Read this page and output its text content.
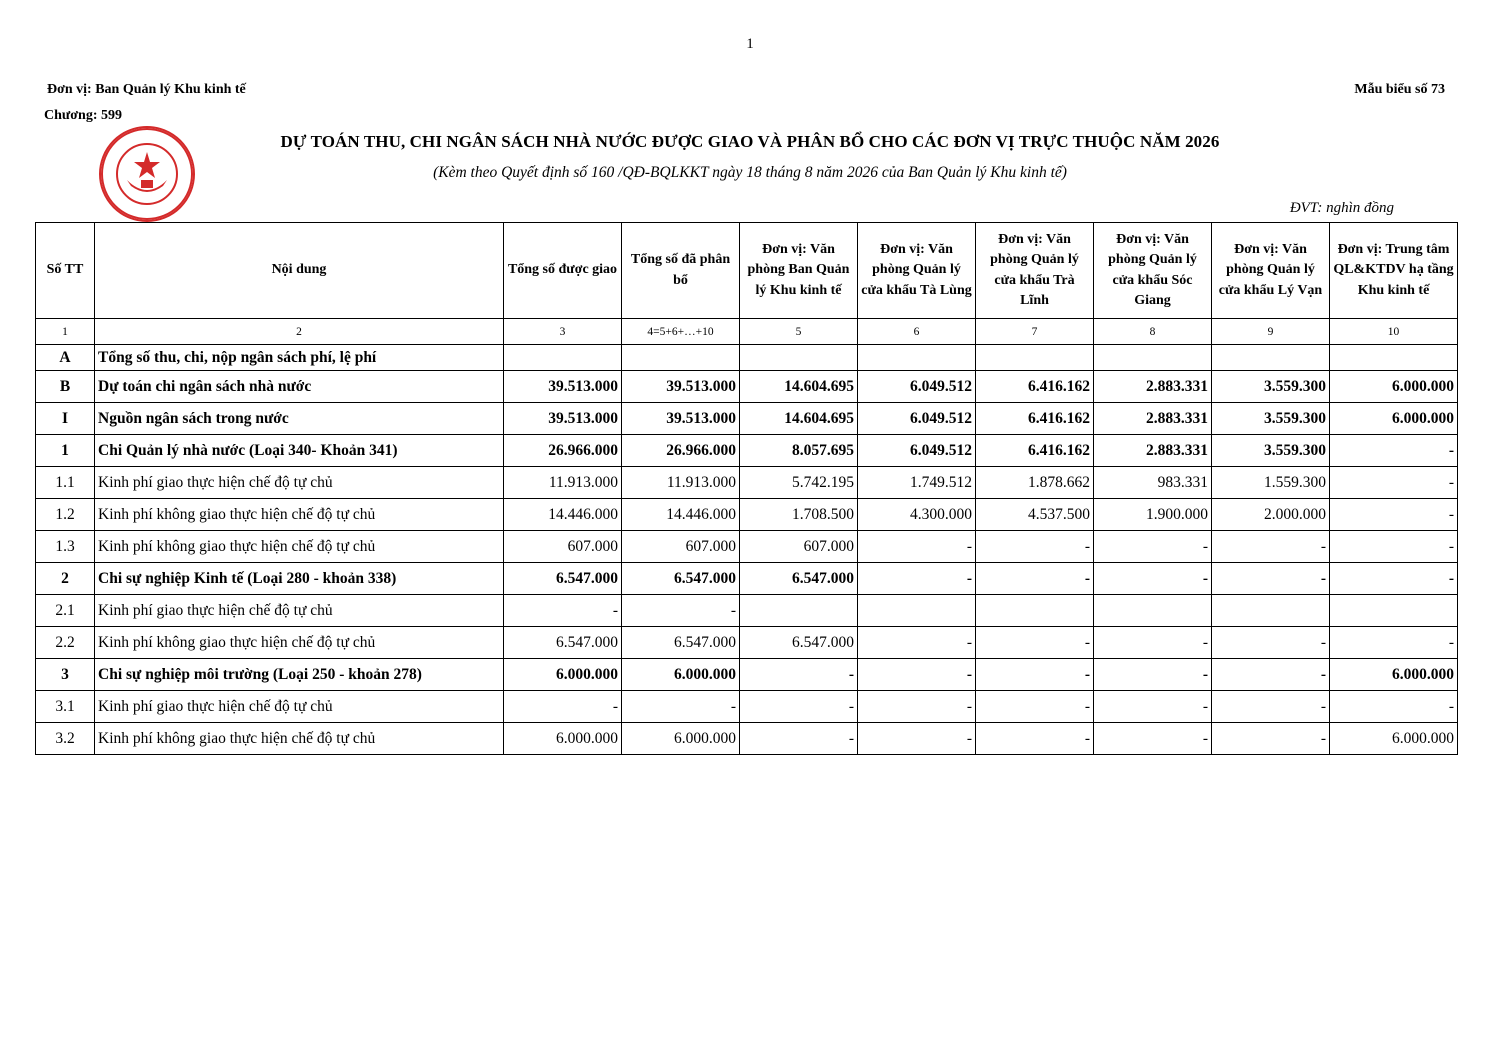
1
Đơn vị: Ban Quản lý Khu kinh tế
Chương: 599
Mẫu biểu số 73
DỰ TOÁN THU, CHI NGÂN SÁCH NHÀ NƯỚC ĐƯỢC GIAO VÀ PHÂN BỔ CHO CÁC ĐƠN VỊ TRỰC THUỘC NĂM 2026
(Kèm theo Quyết định số 160 /QĐ-BQLKKT ngày 18 tháng 8 năm 2026 của Ban Quản lý Khu kinh tế)
ĐVT: nghìn đồng
Số TT	Nội dung	Tổng số được giao	Tổng số đã phân bổ	Đơn vị: Văn phòng Ban Quản lý Khu kinh tế	Đơn vị: Văn phòng Quản lý cửa khẩu Tà Lùng	Đơn vị: Văn phòng Quản lý cửa khẩu Trà Lĩnh	Đơn vị: Văn phòng Quản lý cửa khẩu Sóc Giang	Đơn vị: Văn phòng Quản lý cửa khẩu Lý Vạn	Đơn vị: Trung tâm QL&KTDV hạ tầng Khu kinh tế
1	2	3	4=5+6+…+10	5	6	7	8	9	10
A	Tổng số thu, chi, nộp ngân sách phí, lệ phí								
B	Dự toán chi ngân sách nhà nước	39.513.000	39.513.000	14.604.695	6.049.512	6.416.162	2.883.331	3.559.300	6.000.000
I	Nguồn ngân sách trong nước	39.513.000	39.513.000	14.604.695	6.049.512	6.416.162	2.883.331	3.559.300	6.000.000
1	Chi Quản lý nhà nước (Loại 340- Khoản 341)	26.966.000	26.966.000	8.057.695	6.049.512	6.416.162	2.883.331	3.559.300	-
1.1	Kinh phí giao thực hiện chế độ tự chủ	11.913.000	11.913.000	5.742.195	1.749.512	1.878.662	983.331	1.559.300	-
1.2	Kinh phí không giao thực hiện chế độ tự chủ	14.446.000	14.446.000	1.708.500	4.300.000	4.537.500	1.900.000	2.000.000	-
1.3	Kinh phí không giao thực hiện chế độ tự chủ	607.000	607.000	607.000	-	-	-	-	-
2	Chi sự nghiệp Kinh tế (Loại 280 - khoản 338)	6.547.000	6.547.000	6.547.000	-	-	-	-	-
2.1	Kinh phí giao thực hiện chế độ tự chủ	-	-						
2.2	Kinh phí không giao thực hiện chế độ tự chủ	6.547.000	6.547.000	6.547.000	-	-	-	-	-
3	Chi sự nghiệp môi trường (Loại 250 - khoản 278)	6.000.000	6.000.000	-	-	-	-	-	6.000.000
3.1	Kinh phí giao thực hiện chế độ tự chủ	-	-	-	-	-	-	-	-
3.2	Kinh phí không giao thực hiện chế độ tự chủ	6.000.000	6.000.000	-	-	-	-	-	6.000.000
